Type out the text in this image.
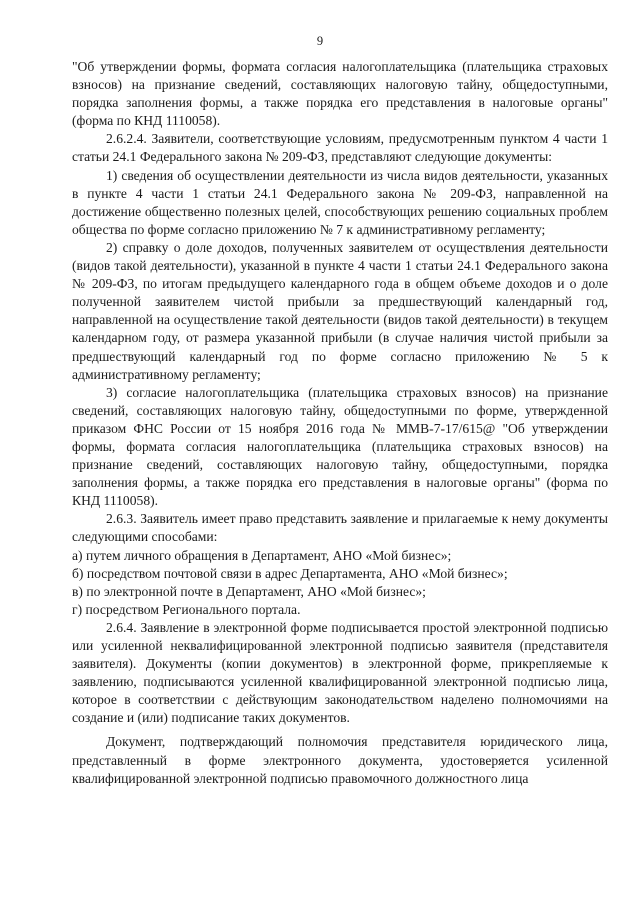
9

"Об утверждении формы, формата согласия налогоплательщика (плательщика страховых взносов) на признание сведений, составляющих налоговую тайну, общедоступными, порядка заполнения формы, а также порядка его представления в налоговые органы" (форма по КНД 1110058).

2.6.2.4. Заявители, соответствующие условиям, предусмотренным пунктом 4 части 1 статьи 24.1 Федерального закона № 209-ФЗ, представляют следующие документы:

1) сведения об осуществлении деятельности из числа видов деятельности, указанных в пункте 4 части 1 статьи 24.1 Федерального закона № 209-ФЗ, направленной на достижение общественно полезных целей, способствующих решению социальных проблем общества по форме согласно приложению № 7 к административному регламенту;

2) справку о доле доходов, полученных заявителем от осуществления деятельности (видов такой деятельности), указанной в пункте 4 части 1 статьи 24.1 Федерального закона № 209-ФЗ, по итогам предыдущего календарного года в общем объеме доходов и о доле полученной заявителем чистой прибыли за предшествующий календарный год, направленной на осуществление такой деятельности (видов такой деятельности) в текущем календарном году, от размера указанной прибыли (в случае наличия чистой прибыли за предшествующий календарный год по форме согласно приложению № 5 к административному регламенту;

3) согласие налогоплательщика (плательщика страховых взносов) на признание сведений, составляющих налоговую тайну, общедоступными по форме, утвержденной приказом ФНС России от 15 ноября 2016 года № ММВ-7-17/615@ "Об утверждении формы, формата согласия налогоплательщика (плательщика страховых взносов) на признание сведений, составляющих налоговую тайну, общедоступными, порядка заполнения формы, а также порядка его представления в налоговые органы" (форма по КНД 1110058).

2.6.3. Заявитель имеет право представить заявление и прилагаемые к нему документы следующими способами:

а) путем личного обращения в Департамент, АНО «Мой бизнес»;

б) посредством почтовой связи в адрес Департамента, АНО «Мой бизнес»;

в) по электронной почте в Департамент, АНО «Мой бизнес»;

г) посредством Регионального портала.

2.6.4. Заявление в электронной форме подписывается простой электронной подписью или усиленной неквалифицированной электронной подписью заявителя (представителя заявителя). Документы (копии документов) в электронной форме, прикрепляемые к заявлению, подписываются усиленной квалифицированной электронной подписью лица, которое в соответствии с действующим законодательством наделено полномочиями на создание и (или) подписание таких документов.

Документ, подтверждающий полномочия представителя юридического лица, представленный в форме электронного документа, удостоверяется усиленной квалифицированной электронной подписью правомочного должностного лица
